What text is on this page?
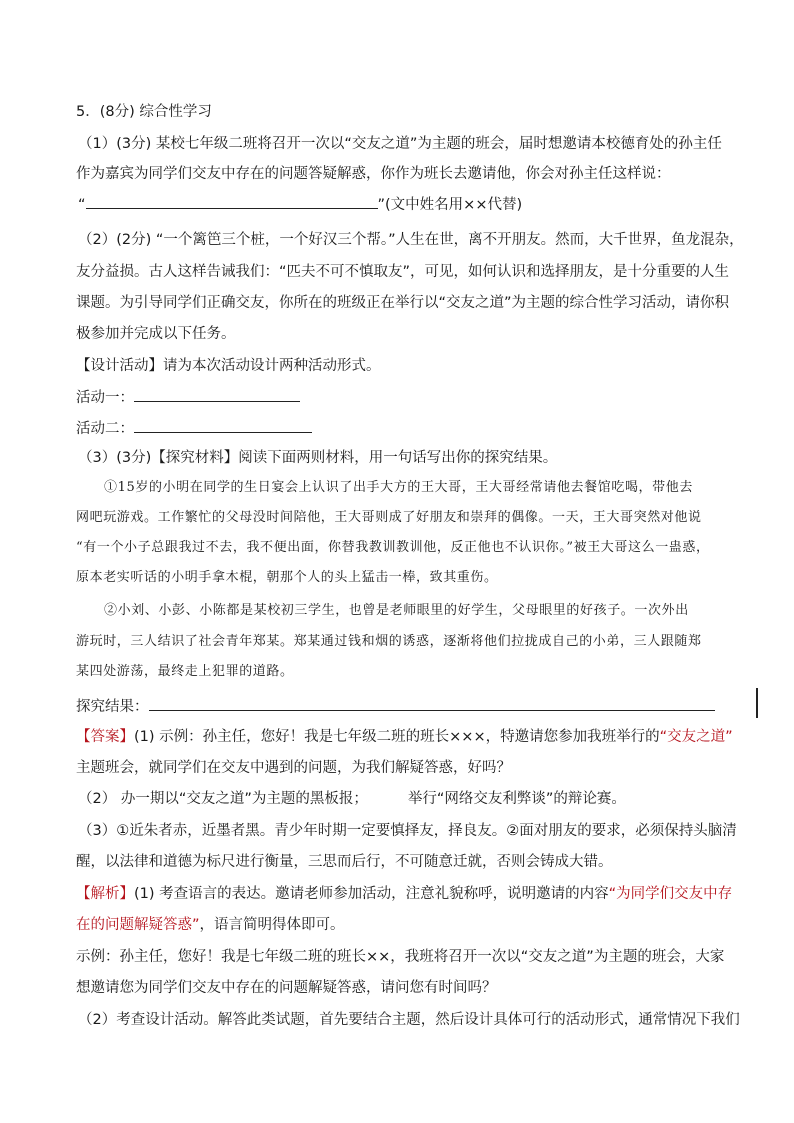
5．(8分) 综合性学习
（1）(3分) 某校七年级二班将召开一次以“交友之道”为主题的班会，届时想邀请本校德育处的孙主任
作为嘉宾为同学们交友中存在的问题答疑解惑，你作为班长去邀请他，你会对孙主任这样说：
“	”(文中姓名用××代替)
（2）(2分) “一个篱笆三个桩，一个好汉三个帮。”人生在世，离不开朋友。然而，大千世界，鱼龙混杂，
友分益损。古人这样告诫我们：“匹夫不可不慎取友”，可见，如何认识和选择朋友，是十分重要的人生
课题。为引导同学们正确交友，你所在的班级正在举行以“交友之道”为主题的综合性学习活动，请你积
极参加并完成以下任务。
【设计活动】请为本次活动设计两种活动形式。
活动一：
活动二：
（3）(3分)【探究材料】阅读下面两则材料，用一句话写出你的探究结果。
①15岁的小明在同学的生日宴会上认识了出手大方的王大哥，王大哥经常请他去餐馆吃喝，带他去
网吧玩游戏。工作繁忙的父母没时间陪他，王大哥则成了好朋友和崇拜的偶像。一天，王大哥突然对他说
“有一个小子总跟我过不去，我不便出面，你替我教训教训他，反正他也不认识你。”被王大哥这么一蛊惑，
原本老实听话的小明手拿木棍，朝那个人的头上猛击一棒，致其重伤。
②小刘、小彭、小陈都是某校初三学生，也曾是老师眼里的好学生，父母眼里的好孩子。一次外出
游玩时，三人结识了社会青年郑某。郑某通过钱和烟的诱惑，逐渐将他们拉拢成自己的小弟，三人跟随郑
某四处游荡，最终走上犯罪的道路。
探究结果：
【答案】(1) 示例：孙主任，您好！我是七年级二班的班长×××，特邀请您参加我班举行的“交友之道”
主题班会，就同学们在交友中遇到的问题，为我们解疑答惑，好吗？
（2） 办一期以“交友之道”为主题的黑板报；	举行“网络交友利弊谈”的辩论赛。
（3）①近朱者赤，近墨者黑。青少年时期一定要慎择友，择良友。②面对朋友的要求，必须保持头脑清
醒，以法律和道德为标尺进行衡量，三思而后行，不可随意迁就，否则会铸成大错。
【解析】(1) 考查语言的表达。邀请老师参加活动，注意礼貌称呼，说明邀请的内容“为同学们交友中存
在的问题解疑答惑”，语言简明得体即可。
示例：孙主任，您好！我是七年级二班的班长××，我班将召开一次以“交友之道”为主题的班会，大家
想邀请您为同学们交友中存在的问题解疑答惑，请问您有时间吗？
（2）考查设计活动。解答此类试题，首先要结合主题，然后设计具体可行的活动形式，通常情况下我们
